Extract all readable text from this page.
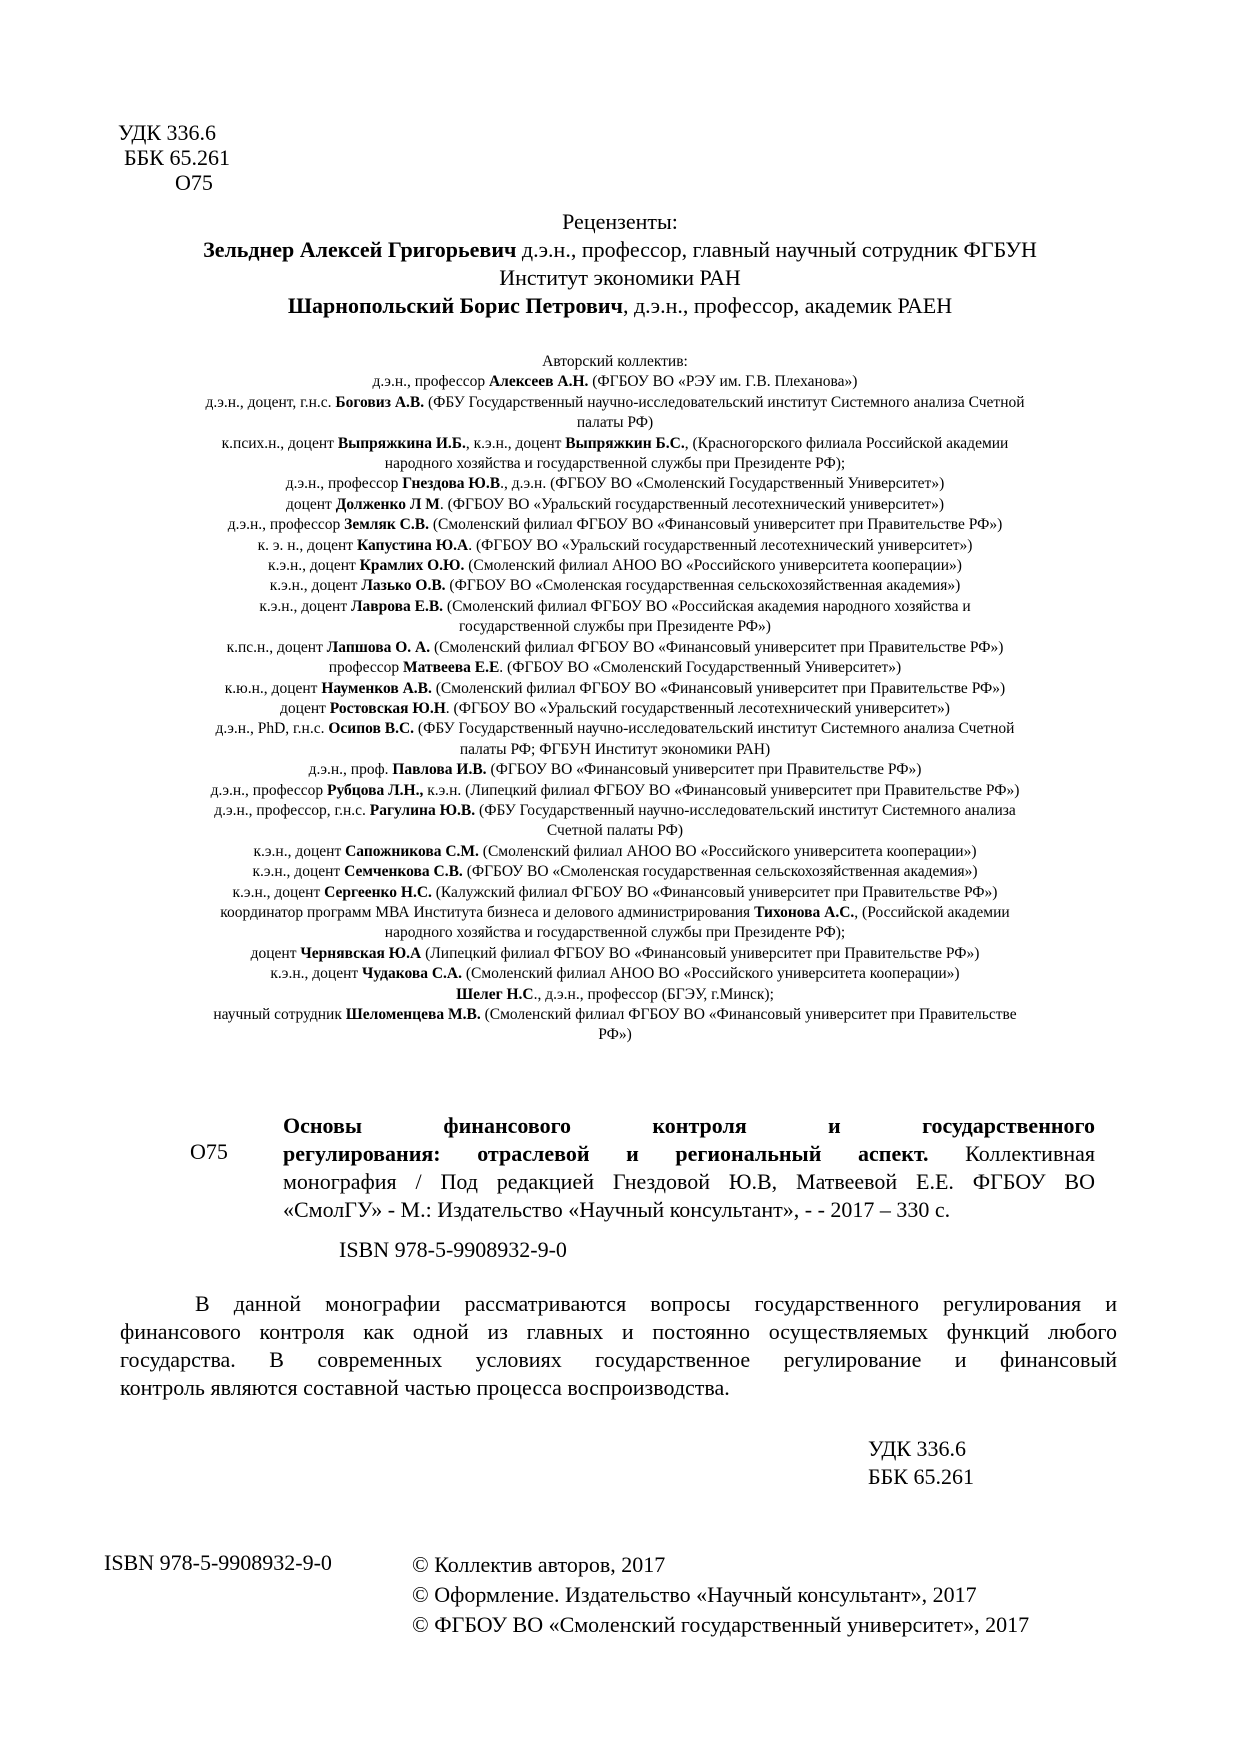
УДК 336.6
ББК 65.261
О75
Рецензенты:
Зельднер Алексей Григорьевич д.э.н., профессор, главный научный сотрудник ФГБУН
Институт экономики РАН
Шарнопольский Борис Петрович, д.э.н., профессор, академик РАЕН
Авторский коллектив:
д.э.н., профессор Алексеев А.Н. (ФГБОУ ВО «РЭУ им. Г.В. Плеханова»)
д.э.н., доцент, г.н.с. Боговиз А.В. (ФБУ Государственный научно-исследовательский институт Системного анализа Счетной
палаты РФ)
к.псих.н., доцент Выпряжкина И.Б., к.э.н., доцент Выпряжкин Б.С., (Красногорского филиала Российской академии
народного хозяйства и государственной службы при Президенте РФ);
д.э.н., профессор Гнездова Ю.В., д.э.н. (ФГБОУ ВО «Смоленский Государственный Университет»)
доцент Долженко Л М. (ФГБОУ ВО «Уральский государственный лесотехнический университет»)
д.э.н., профессор Земляк С.В. (Смоленский филиал ФГБОУ ВО «Финансовый университет при Правительстве РФ»)
к. э. н., доцент Капустина Ю.А. (ФГБОУ ВО «Уральский государственный лесотехнический университет»)
к.э.н., доцент Крамлих О.Ю. (Смоленский филиал АНОО ВО «Российского университета кооперации»)
к.э.н., доцент Лазько О.В. (ФГБОУ ВО «Смоленская государственная сельскохозяйственная академия»)
к.э.н., доцент Лаврова Е.В. (Смоленский филиал ФГБОУ ВО «Российская академия народного хозяйства и
государственной службы при Президенте РФ»)
к.пс.н., доцент Лапшова О. А. (Смоленский филиал ФГБОУ ВО «Финансовый университет при Правительстве РФ»)
профессор Матвеева Е.Е. (ФГБОУ ВО «Смоленский Государственный Университет»)
к.ю.н., доцент Науменков А.В. (Смоленский филиал ФГБОУ ВО «Финансовый университет при Правительстве РФ»)
доцент Ростовская Ю.Н. (ФГБОУ ВО «Уральский государственный лесотехнический университет»)
д.э.н., PhD, г.н.с. Осипов В.С. (ФБУ Государственный научно-исследовательский институт Системного анализа Счетной
палаты РФ; ФГБУН Институт экономики РАН)
д.э.н., проф. Павлова И.В. (ФГБОУ ВО «Финансовый университет при Правительстве РФ»)
д.э.н., профессор Рубцова Л.Н., к.э.н. (Липецкий филиал ФГБОУ ВО «Финансовый университет при Правительстве РФ»)
д.э.н., профессор, г.н.с. Рагулина Ю.В. (ФБУ Государственный научно-исследовательский институт Системного анализа
Счетной палаты РФ)
к.э.н., доцент Сапожникова С.М. (Смоленский филиал АНОО ВО «Российского университета кооперации»)
к.э.н., доцент Семченкова С.В. (ФГБОУ ВО «Смоленская государственная сельскохозяйственная академия»)
к.э.н., доцент Сергеенко Н.С. (Калужский филиал ФГБОУ ВО «Финансовый университет при Правительстве РФ»)
координатор программ МВА Института бизнеса и делового администрирования Тихонова А.С., (Российской академии
народного хозяйства и государственной службы при Президенте РФ);
доцент Чернявская Ю.А (Липецкий филиал ФГБОУ ВО «Финансовый университет при Правительстве РФ»)
к.э.н., доцент Чудакова С.А. (Смоленский филиал АНОО ВО «Российского университета кооперации»)
Шелег Н.С., д.э.н., профессор (БГЭУ, г.Минск);
научный сотрудник Шеломенцева М.В. (Смоленский филиал ФГБОУ ВО «Финансовый университет при Правительстве
РФ»)
О75
Основы финансового контроля и государственного
регулирования: отраслевой и региональный аспект. Коллективная
монография / Под редакцией Гнездовой Ю.В, Матвеевой Е.Е. ФГБОУ ВО
«СмолГУ» - М.: Издательство «Научный консультант», - - 2017 – 330 с.
ISBN 978-5-9908932-9-0
В данной монографии рассматриваются вопросы государственного регулирования и
финансового контроля как одной из главных и постоянно осуществляемых функций любого
государства. В современных условиях государственное регулирование и финансовый
контроль являются составной частью процесса воспроизводства.
УДК 336.6
ББК 65.261
ISBN 978-5-9908932-9-0	© Коллектив авторов, 2017
© Оформление. Издательство «Научный консультант», 2017
© ФГБОУ ВО «Смоленский государственный университет», 2017
